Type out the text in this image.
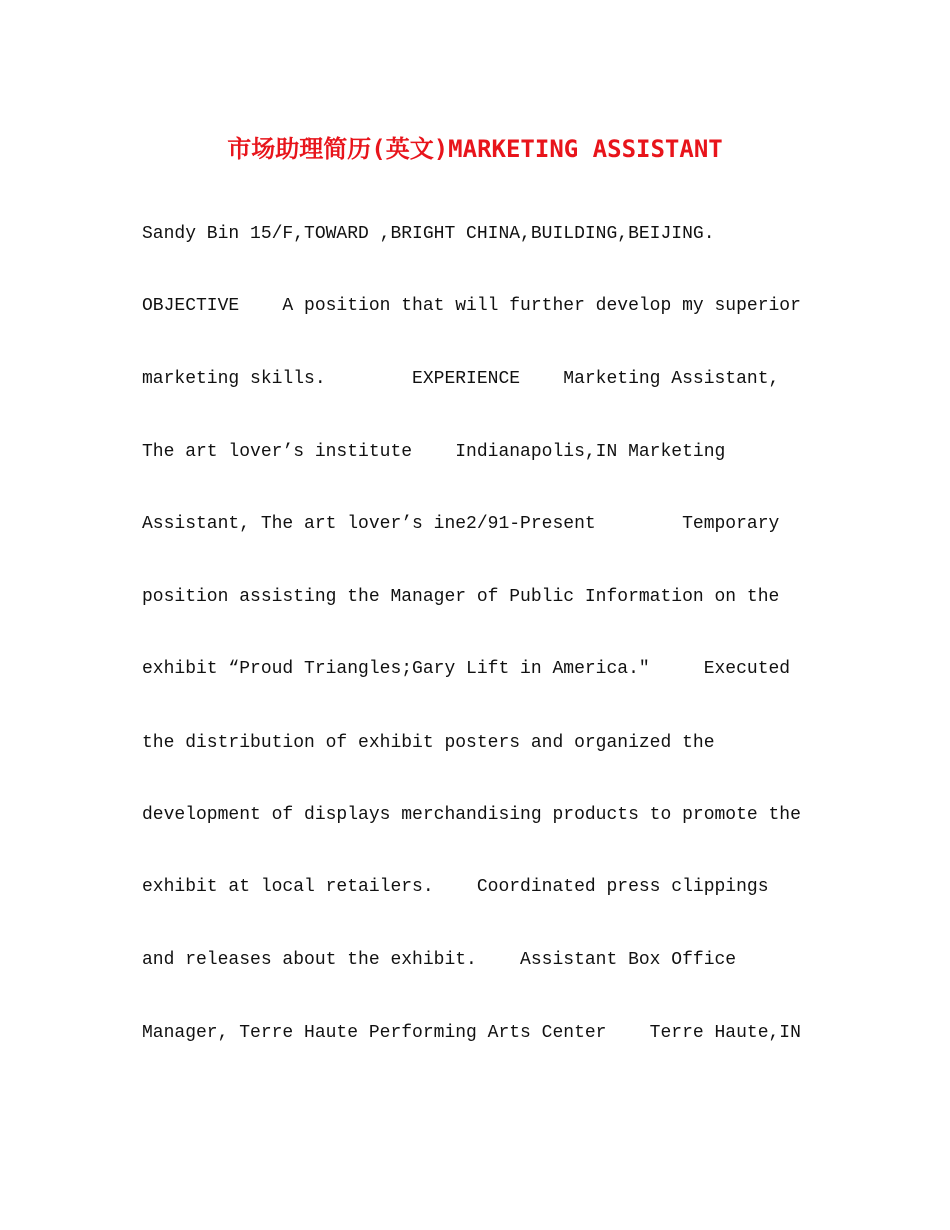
市场助理简历(英文)MARKETING ASSISTANT
Sandy Bin 15/F,TOWARD ,BRIGHT CHINA,BUILDING,BEIJING.
OBJECTIVE    A position that will further develop my superior
marketing skills.        EXPERIENCE    Marketing Assistant,
The art lover’s institute    Indianapolis,IN Marketing
Assistant, The art lover’s ine2/91-Present        Temporary
position assisting the Manager of Public Information on the
exhibit “Proud Triangles;Gary Lift in America.″     Executed
the distribution of exhibit posters and organized the
development of displays merchandising products to promote the
exhibit at local retailers.    Coordinated press clippings
and releases about the exhibit.    Assistant Box Office
Manager, Terre Haute Performing Arts Center    Terre Haute,IN
